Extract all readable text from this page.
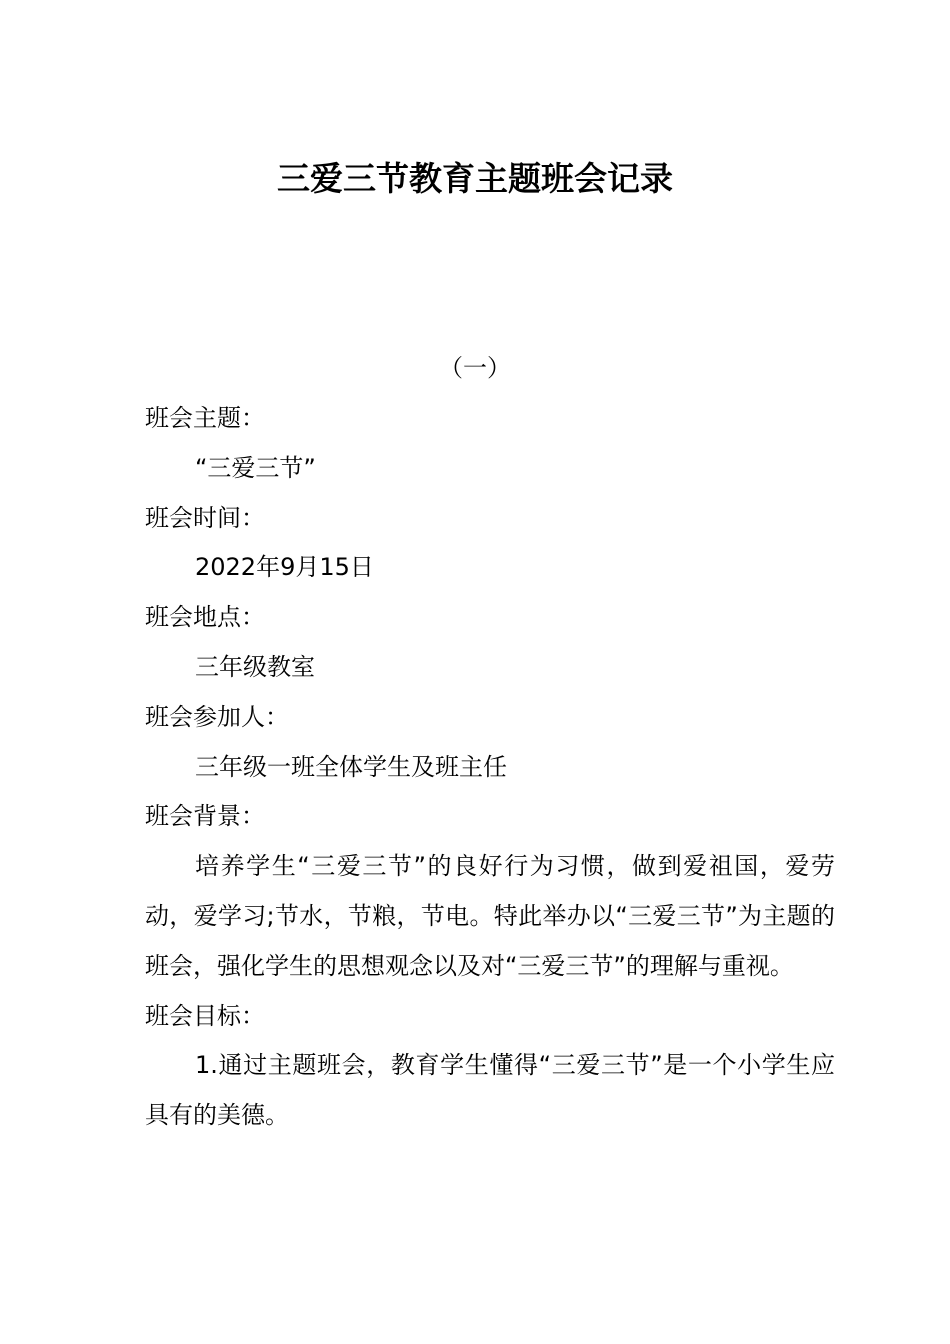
三爱三节教育主题班会记录
（一）
班会主题：
“三爱三节”
班会时间：
2022年9月15日
班会地点：
三年级教室
班会参加人：
三年级一班全体学生及班主任
班会背景：
培养学生“三爱三节”的良好行为习惯，做到爱祖国，爱劳动，爱学习;节水，节粮，节电。特此举办以“三爱三节”为主题的班会，强化学生的思想观念以及对“三爱三节”的理解与重视。
班会目标：
1.通过主题班会，教育学生懂得“三爱三节”是一个小学生应具有的美德。
